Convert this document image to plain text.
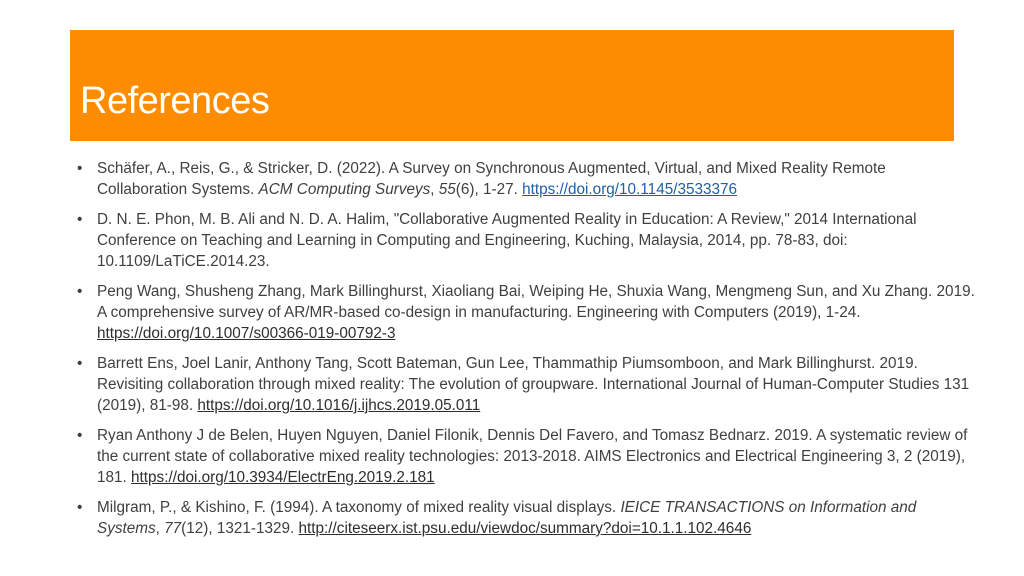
References
• Schäfer, A., Reis, G., & Stricker, D. (2022). A Survey on Synchronous Augmented, Virtual, and Mixed Reality Remote Collaboration Systems. ACM Computing Surveys, 55(6), 1-27. https://doi.org/10.1145/3533376
• D. N. E. Phon, M. B. Ali and N. D. A. Halim, "Collaborative Augmented Reality in Education: A Review," 2014 International Conference on Teaching and Learning in Computing and Engineering, Kuching, Malaysia, 2014, pp. 78-83, doi: 10.1109/LaTiCE.2014.23.
• Peng Wang, Shusheng Zhang, Mark Billinghurst, Xiaoliang Bai, Weiping He, Shuxia Wang, Mengmeng Sun, and Xu Zhang. 2019. A comprehensive survey of AR/MR-based co-design in manufacturing. Engineering with Computers (2019), 1-24. https://doi.org/10.1007/s00366-019-00792-3
• Barrett Ens, Joel Lanir, Anthony Tang, Scott Bateman, Gun Lee, Thammathip Piumsomboon, and Mark Billinghurst. 2019. Revisiting collaboration through mixed reality: The evolution of groupware. International Journal of Human-Computer Studies 131 (2019), 81-98. https://doi.org/10.1016/j.ijhcs.2019.05.011
• Ryan Anthony J de Belen, Huyen Nguyen, Daniel Filonik, Dennis Del Favero, and Tomasz Bednarz. 2019. A systematic review of the current state of collaborative mixed reality technologies: 2013-2018. AIMS Electronics and Electrical Engineering 3, 2 (2019), 181. https://doi.org/10.3934/ElectrEng.2019.2.181
• Milgram, P., & Kishino, F. (1994). A taxonomy of mixed reality visual displays. IEICE TRANSACTIONS on Information and Systems, 77(12), 1321-1329. http://citeseerx.ist.psu.edu/viewdoc/summary?doi=10.1.1.102.4646
